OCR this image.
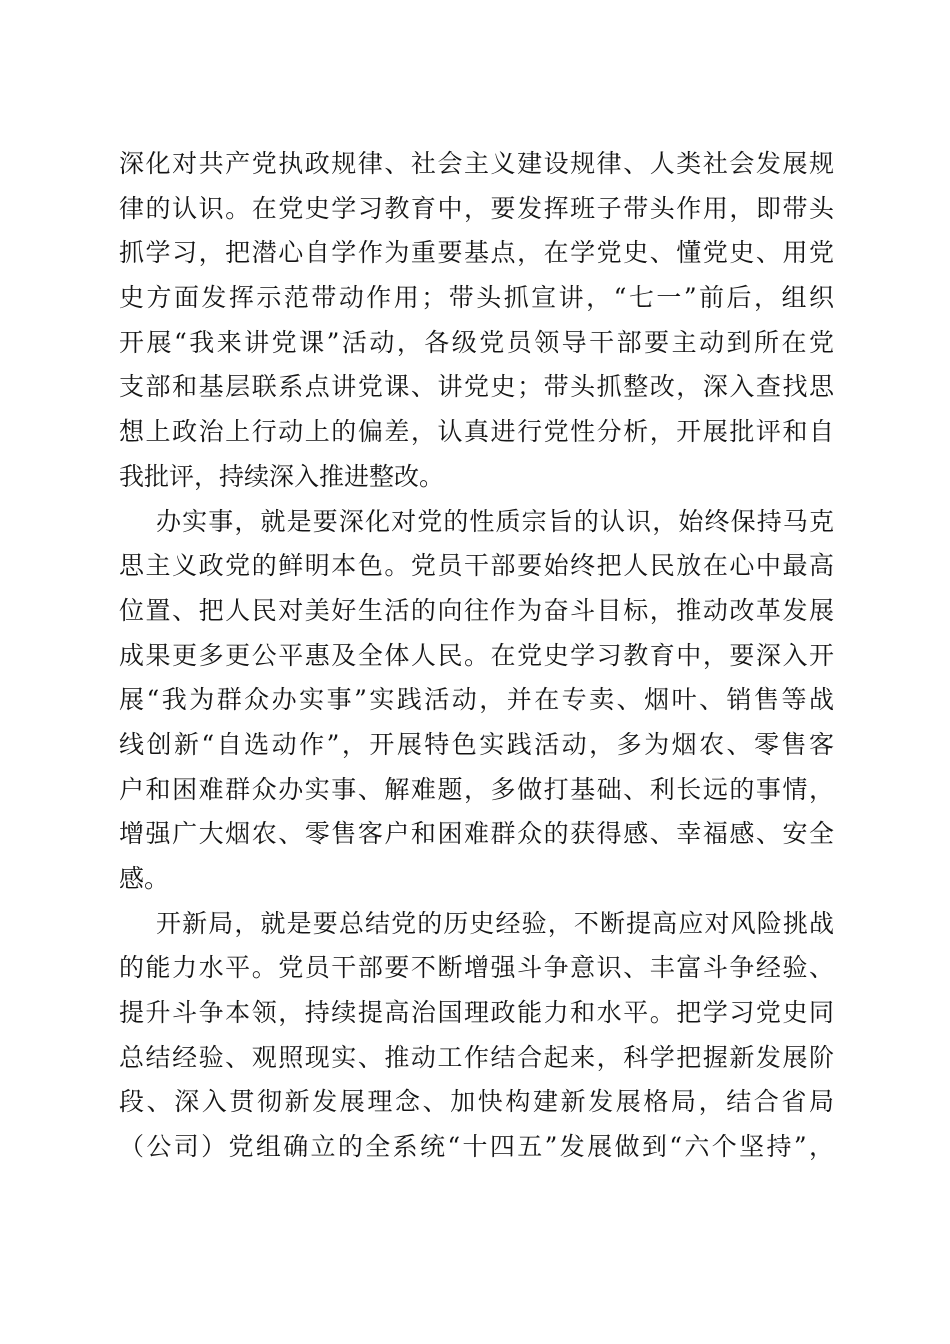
深化对共产党执政规律、社会主义建设规律、人类社会发展规
律的认识。在党史学习教育中，要发挥班子带头作用，即带头
抓学习，把潜心自学作为重要基点，在学党史、懂党史、用党
史方面发挥示范带动作用；带头抓宣讲，“七一”前后，组织
开展“我来讲党课”活动，各级党员领导干部要主动到所在党
支部和基层联系点讲党课、讲党史；带头抓整改，深入查找思
想上政治上行动上的偏差，认真进行党性分析，开展批评和自
我批评，持续深入推进整改。
办实事，就是要深化对党的性质宗旨的认识，始终保持马克
思主义政党的鲜明本色。党员干部要始终把人民放在心中最高
位置、把人民对美好生活的向往作为奋斗目标，推动改革发展
成果更多更公平惠及全体人民。在党史学习教育中，要深入开
展“我为群众办实事”实践活动，并在专卖、烟叶、销售等战
线创新“自选动作”，开展特色实践活动，多为烟农、零售客
户和困难群众办实事、解难题，多做打基础、利长远的事情，
增强广大烟农、零售客户和困难群众的获得感、幸福感、安全
感。
开新局，就是要总结党的历史经验，不断提高应对风险挑战
的能力水平。党员干部要不断增强斗争意识、丰富斗争经验、
提升斗争本领，持续提高治国理政能力和水平。把学习党史同
总结经验、观照现实、推动工作结合起来，科学把握新发展阶
段、深入贯彻新发展理念、加快构建新发展格局，结合省局
（公司）党组确立的全系统“十四五”发展做到“六个坚持”，
